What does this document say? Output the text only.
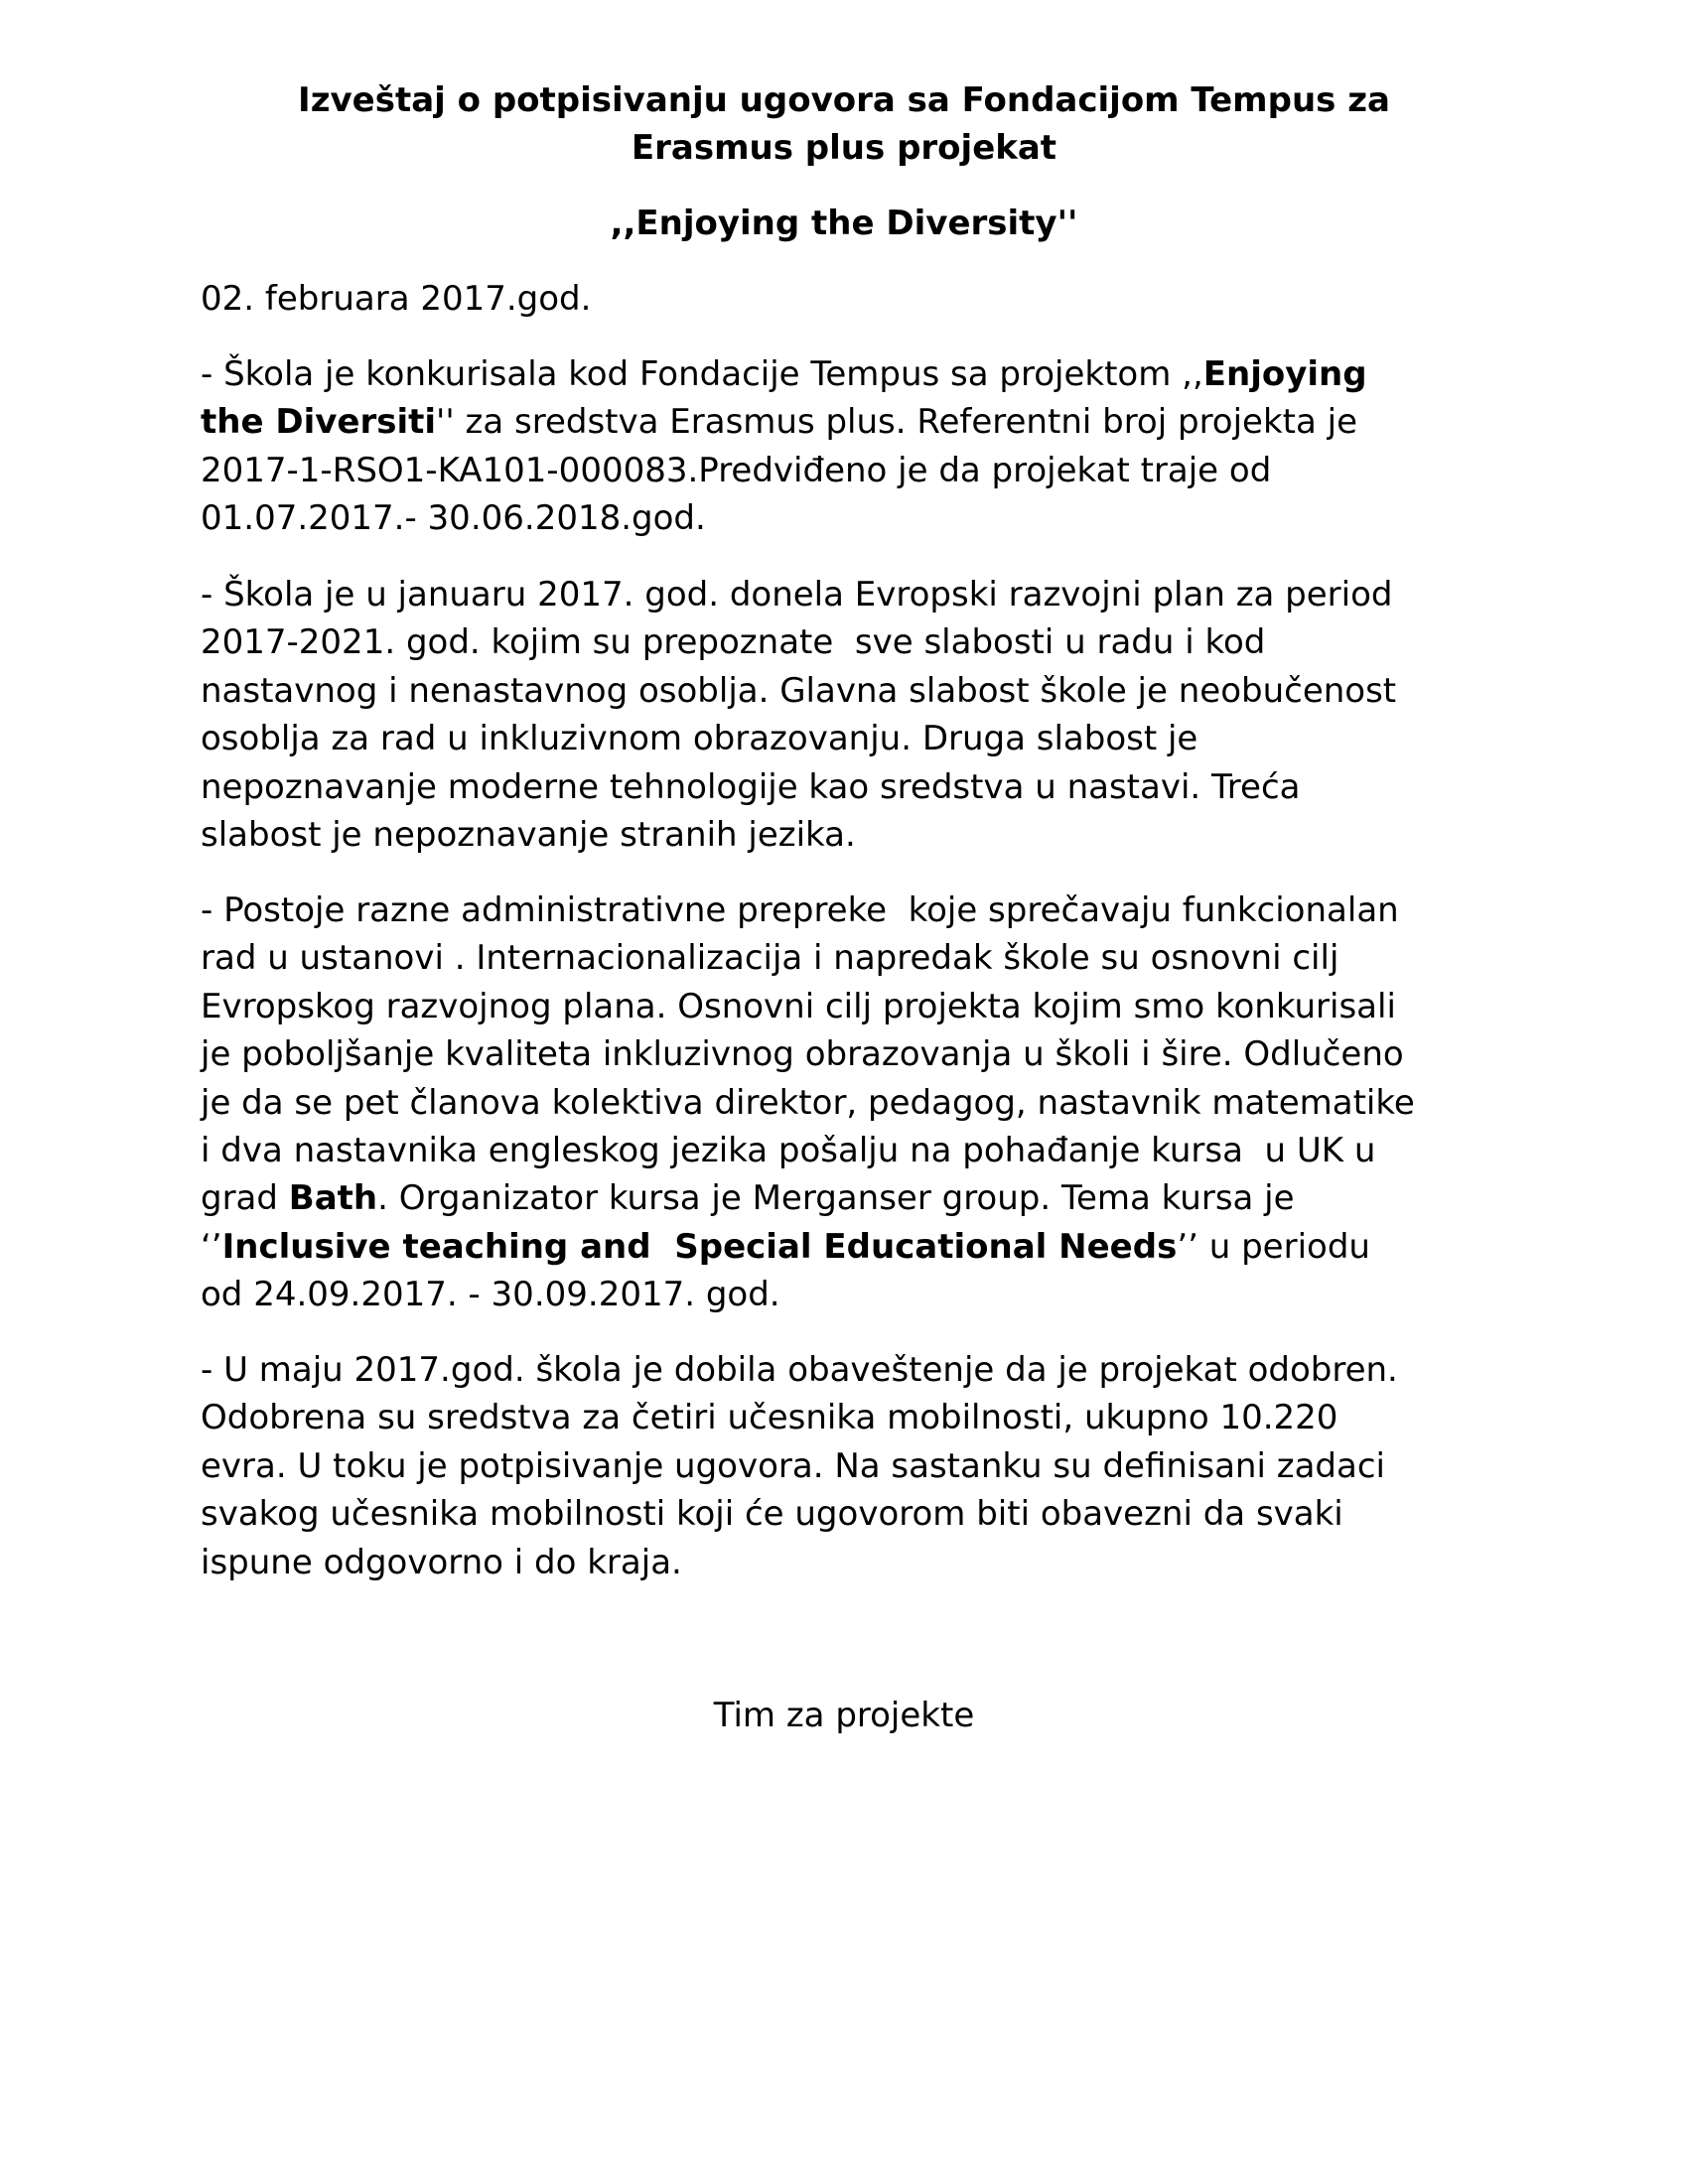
Izveštaj o potpisivanju ugovora sa Fondacijom Tempus za
Erasmus plus projekat
,,Enjoying the Diversity''

02. februara 2017.god.

- Škola je konkurisala kod Fondacije Tempus sa projektom ,,Enjoying
the Diversiti'' za sredstva Erasmus plus. Referentni broj projekta je
2017-1-RSO1-KA101-000083.Predviđeno je da projekat traje od
01.07.2017.- 30.06.2018.god.
- Škola je u januaru 2017. god. donela Evropski razvojni plan za period
2017-2021. god. kojim su prepoznate  sve slabosti u radu i kod
nastavnog i nenastavnog osoblja. Glavna slabost škole je neobučenost
osoblja za rad u inkluzivnom obrazovanju. Druga slabost je
nepoznavanje moderne tehnologije kao sredstva u nastavi. Treća
slabost je nepoznavanje stranih jezika.
- Postoje razne administrativne prepreke  koje sprečavaju funkcionalan
rad u ustanovi . Internacionalizacija i napredak škole su osnovni cilj
Evropskog razvojnog plana. Osnovni cilj projekta kojim smo konkurisali
je poboljšanje kvaliteta inkluzivnog obrazovanja u školi i šire. Odlučeno
je da se pet članova kolektiva direktor, pedagog, nastavnik matematike
i dva nastavnika engleskog jezika pošalju na pohađanje kursa  u UK u
grad Bath. Organizator kursa je Merganser group. Tema kursa je
‘’Inclusive teaching and  Special Educational Needs’’ u periodu
od 24.09.2017. - 30.09.2017. god.
- U maju 2017.god. škola je dobila obaveštenje da je projekat odobren.
Odobrena su sredstva za četiri učesnika mobilnosti, ukupno 10.220
evra. U toku je potpisivanje ugovora. Na sastanku su definisani zadaci
svakog učesnika mobilnosti koji će ugovorom biti obavezni da svaki
ispune odgovorno i do kraja.

Tim za projekte
